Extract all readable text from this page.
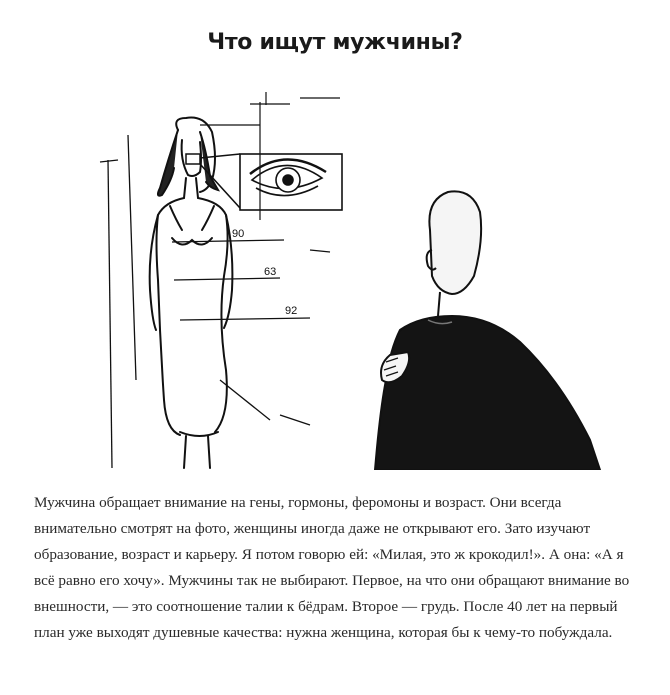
Что ищут мужчины?
90
63
92

Мужчина обращает внимание на гены, гормоны, феромоны и возраст. Они всегда внимательно смотрят на фото, женщины иногда даже не открывают его. Зато изучают образование, возраст и карьеру. Я потом говорю ей: «Милая, это ж крокодил!». А она: «А я всё равно его хочу». Мужчины так не выбирают. Первое, на что они обращают внимание во внешности, — это соотношение талии к бёдрам. Второе — грудь. После 40 лет на первый план уже выходят душевные качества: нужна женщина, которая бы к чему-то побуждала.
